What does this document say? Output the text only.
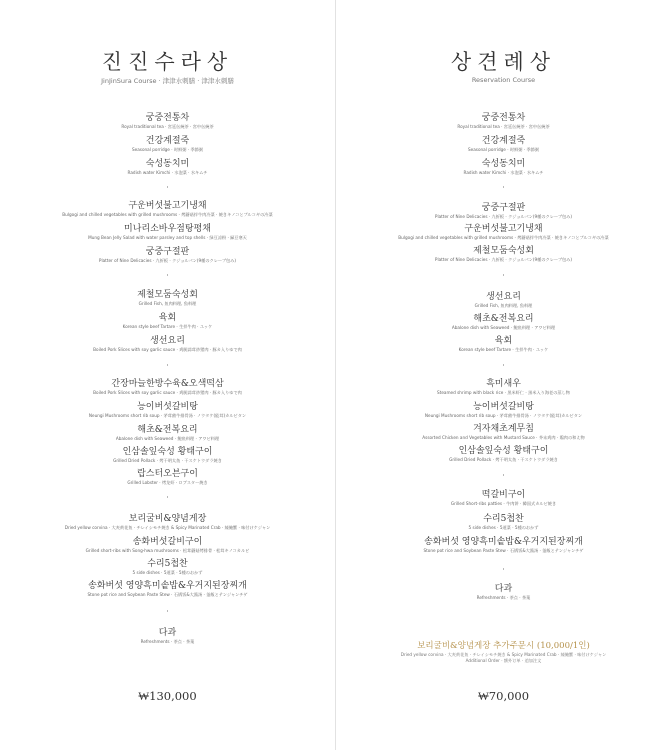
진진수라상
JinJinSura Course · 津津水剌膳 · 津津水刺膳
궁중전통차
Royal traditional tea · 宮廷伝統茶 · 宮中伝統茶
건강계절죽
Seasonal porridge · 时鲜粥 · 季節粥
숙성동치미
Radish water Kimchi · 水泡菜 · 水キムチ
·
구운버섯불고기냉채
Bulgogi and chilled vegetables with grilled mushrooms · 烤蘑菇拌牛肉冷菜 · 焼きキノコとプルコギの冷菜
미나리소바우점탕평채
Mung Bean Jelly Salad with water parsley and top shells · 绿豆凉粉 · 緑豆寒天
궁중구절판
Platter of Nine Delicacies · 九折板 · クジョルパン(9種のクレープ包み)
·
제철모둠숙성회
Grilled Fish, 鱼肉料理, 魚料理
육회
Korean style beef Tartare · 生拌牛肉 · ユッケ
생선요리
Boiled Pork Slices with soy garlic sauce · 鸡腿蒜茸炒猪肉 · 豚カ入りゆで肉
·
간장마늘한방수육&오색떡삼
Boiled Pork Slices with soy garlic sauce · 鸡腿蒜茸炒猪肉 · 豚カ入りゆで肉
능이버섯갈비탕
Neungi Mushrooms short rib soup · 茅茸菌牛排骨汤 · ノウタケ(能茸)カルビタン
해초&전복요리
Abalone dish with Seaweed · 鲍鱼料理 · アワビ料理
인삼솔잎숙성 황태구이
Grilled Dried Pollack · 烤干明太鱼 · 干スケトウダラ焼き
랍스터오븐구이
Grilled Lobster · 烤龙虾 · ロブスター焼き
·
보리굴비&양념게장
Dried yellow corvina · 大麦黄花鱼 · チレイシモチ焼き & Spicy Marinated Crab · 辣腌蟹 · 味付けケジャン
송화버섯갈비구이
Grilled short-ribs with Song-hwa mushrooms · 松茸蘑菇烤排骨 · 松茸キノコカルビ
수리5첩찬
5 side dishes · 5道菜 · 5種のおかず
송화버섯 영양흑미솥밥&우거지된장찌개
Stone pot rice and Soybean Paste Stew · 石锅饭&大酱汤 · 釜飯とテンジャンチゲ
·
다과
Refreshments · 茶点 · 茶菓
₩130,000
상견례상
Reservation Course
궁중전통차
Royal traditional tea · 宮廷伝統茶 · 宮中伝統茶
건강계절죽
Seasonal porridge · 时鲜粥 · 季節粥
숙성동치미
Radish water Kimchi · 水泡菜 · 水キムチ
·
궁중구절판
Platter of Nine Delicacies · 九折板 · クジョルパン(9種のクレープ包み)
구운버섯불고기냉채
Bulgogi and chilled vegetables with grilled mushrooms · 烤蘑菇拌牛肉冷菜 · 焼きキノコとプルコギの冷菜
제철모둠숙성회
Platter of Nine Delicacies · 九折板 · クジョルパン(9種のクレープ包み)
·
생선요리
Grilled Fish, 鱼肉料理, 魚料理
해초&전복요리
Abalone dish with Seaweed · 鲍鱼料理 · アワビ料理
육회
Korean style beef Tartare · 生拌牛肉 · ユッケ
·
흑미새우
Steamed shrimp with black rice · 黑米虾仁 · 黒米入り海老の蒸し物
능이버섯갈비탕
Neungi Mushrooms short rib soup · 茅茸菌牛排骨汤 · ノウタケ(能茸)カルビタン
겨자채초계무침
Assorted Chicken and Vegetables with Mustard Sauce · 芥末鸡肉 · 鶏肉の和え物
인삼솔잎숙성 황태구이
Grilled Dried Pollack · 烤干明太鱼 · 干スケトウダラ焼き
·
떡갈비구이
Grilled Short-ribs patties · 牛肉饼 · 韓国式カルビ焼き
수리5첩찬
5 side dishes · 5道菜 · 5種のおかず
송화버섯 영양흑미솥밥&우거지된장찌개
Stone pot rice and Soybean Paste Stew · 石锅饭&大酱汤 · 釜飯とテンジャンチゲ
·
다과
Refreshments · 茶点 · 茶菓
보리굴비&양념게장 추가주문시 (10,000/1인)
Dried yellow corvina · 大麦黄花鱼 · チレイシモチ焼き & Spicy Marinated Crab · 辣腌蟹 · 味付けケジャン
Additional Order · 额外订单 · 追加注文
₩70,000
